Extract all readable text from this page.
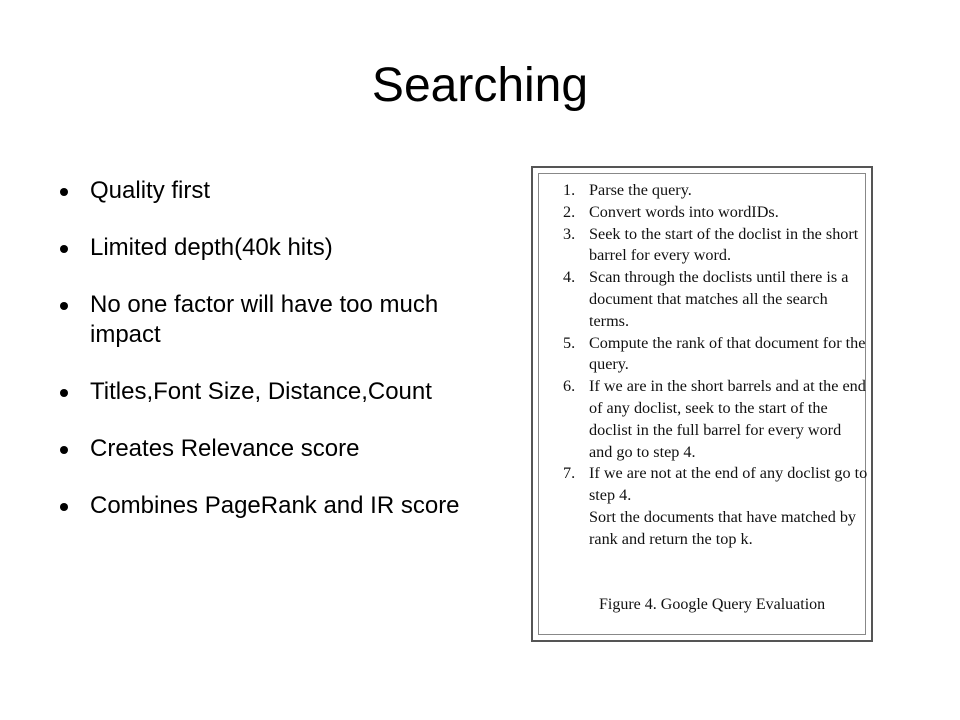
Searching
Quality first
Limited depth(40k hits)
No one factor will have too much impact
Titles,Font Size, Distance,Count
Creates Relevance score
Combines PageRank and IR score
1. Parse the query.
2. Convert words into wordIDs.
3. Seek to the start of the doclist in the short barrel for every word.
4. Scan through the doclists until there is a document that matches all the search terms.
5. Compute the rank of that document for the query.
6. If we are in the short barrels and at the end of any doclist, seek to the start of the doclist in the full barrel for every word and go to step 4.
7. If we are not at the end of any doclist go to step 4.
Sort the documents that have matched by rank and return the top k.
Figure 4. Google Query Evaluation
